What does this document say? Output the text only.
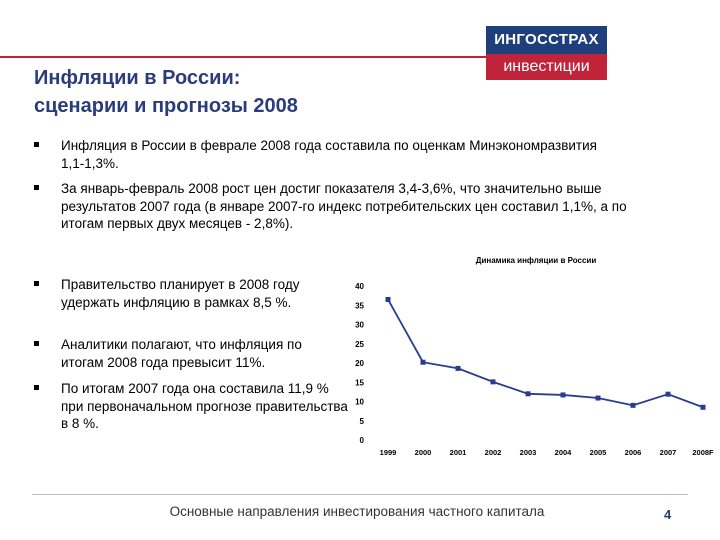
ИНГОССТРАХ
инвестиции
Инфляции в России:
сценарии и прогнозы 2008
Инфляция в России в феврале 2008 года составила по оценкам Минэкономразвития 1,1-1,3%.
За январь-февраль 2008 рост цен достиг показателя 3,4-3,6%, что значительно выше результатов 2007 года (в январе 2007-го индекс потребительских цен составил 1,1%, а по итогам первых двух месяцев - 2,8%).
Правительство планирует в 2008 году удержать инфляцию в рамках 8,5 %.
Аналитики полагают, что инфляция по итогам 2008 года превысит 11%.
По итогам 2007 года она составила 11,9 % при первоначальном прогнозе правительства в 8 %.
Динамика инфляции в России
0
5
10
15
20
25
30
35
40
1999 2000 2001 2002 2003 2004 2005 2006 2007 2008F
Основные направления инвестирования частного капитала	4
